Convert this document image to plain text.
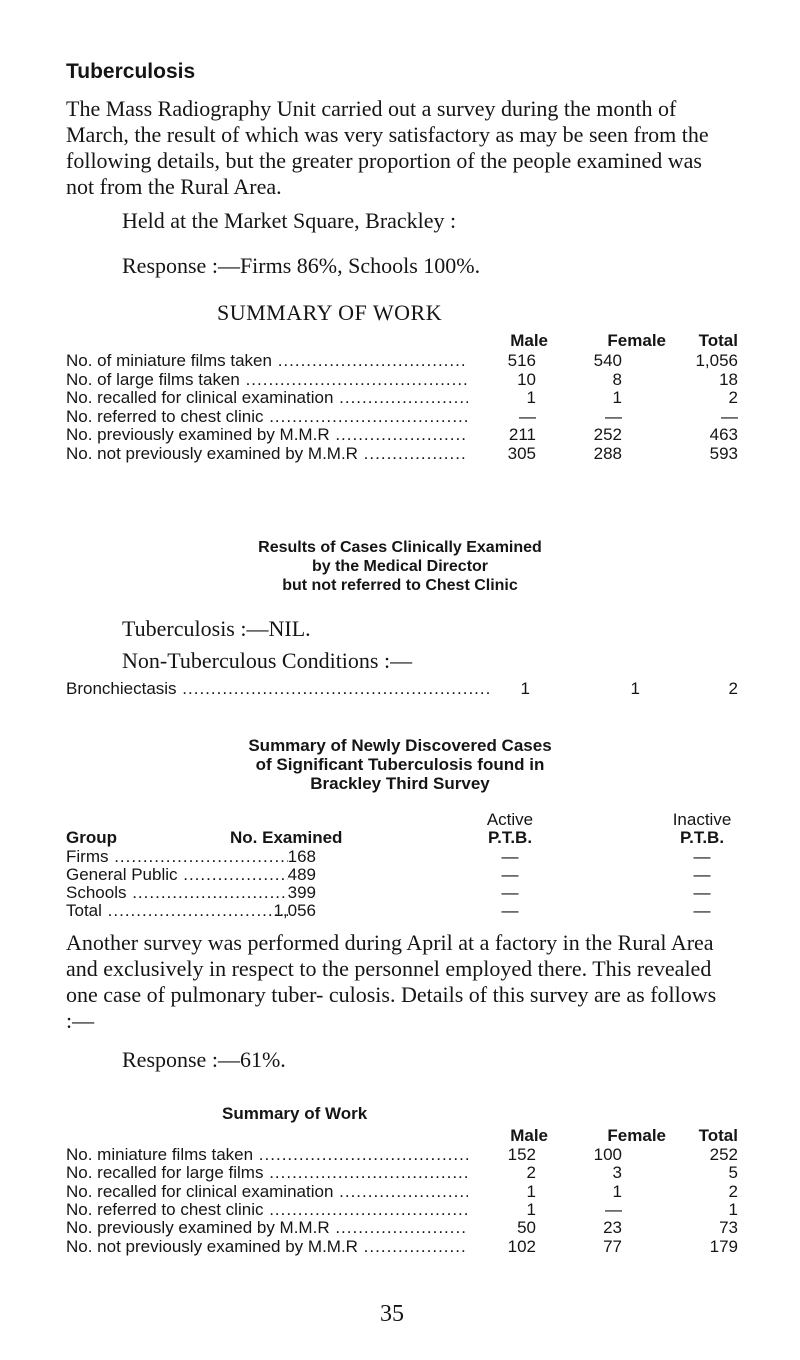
Tuberculosis

The Mass Radiography Unit carried out a survey during the month of March, the result of which was very satisfactory as may be seen from the following details, but the greater proportion of the people examined was not from the Rural Area.

Held at the Market Square, Brackley :
Response :—Firms 86%, Schools 100%.
SUMMARY OF WORK
Male	Female	Total
No. of miniature films taken .....	516	540	1,056
No. of large films taken .....	10	8	18
No. recalled for clinical examination .....	1	1	2
No. referred to chest clinic .....	—	—	—
No. previously examined by M.M.R .....	211	252	463
No. not previously examined by M.M.R .....	305	288	593
Results of Cases Clinically Examined
by the Medical Director
but not referred to Chest Clinic
Tuberculosis :—NIL.
Non-Tuberculous Conditions :—
Bronchiectasis .....	1	1	2
Summary of Newly Discovered Cases
of Significant Tuberculosis found in
Brackley Third Survey
Active	Inactive
Group	No. Examined	P.T.B.	P.T.B.
Firms .....	168	—	—
General Public .....	489	—	—
Schools .....	399	—	—
Total .....	1,056	—	—

Another survey was performed during April at a factory in the Rural Area and exclusively in respect to the personnel employed there. This revealed one case of pulmonary tuber- culosis. Details of this survey are as follows :—

Response :—61%.
Summary of Work
Male	Female	Total
No. miniature films taken .....	152	100	252
No. recalled for large films .....	2	3	5
No. recalled for clinical examination .....	1	1	2
No. referred to chest clinic .....	1	—	1
No. previously examined by M.M.R .....	50	23	73
No. not previously examined by M.M.R .....	102	77	179
35
